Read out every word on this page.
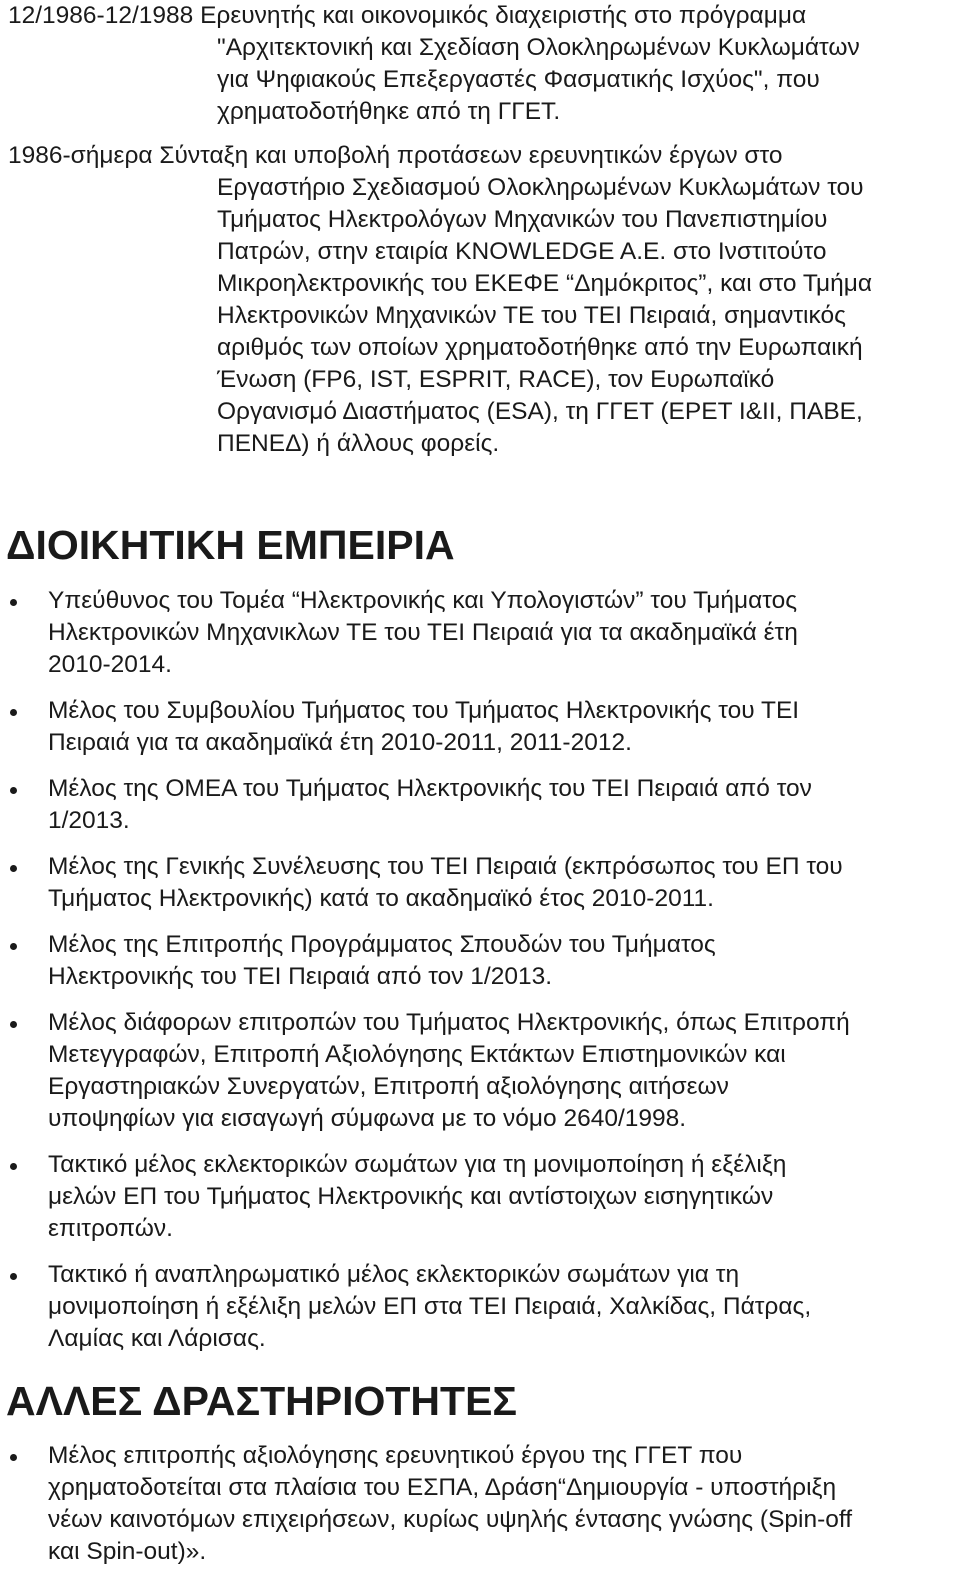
12/1986-12/1988 Ερευνητής και οικονομικός διαχειριστής στο πρόγραμμα
"Αρχιτεκτονική και Σχεδίαση Ολοκληρωμένων Κυκλωμάτων
για Ψηφιακούς Επεξεργαστές Φασματικής Ισχύος", που
χρηματοδοτήθηκε από τη ΓΓΕΤ.
1986-σήμερα Σύνταξη και υποβολή προτάσεων ερευνητικών έργων στο
Εργαστήριο Σχεδιασμού Ολοκληρωμένων Κυκλωμάτων του
Τμήματος Ηλεκτρολόγων Μηχανικών του Πανεπιστημίου
Πατρών, στην εταιρία KNOWLEDGE A.E. στο Ινστιτούτο
Μικροηλεκτρονικής του ΕΚΕΦΕ “Δημόκριτος”, και στο Τμήμα
Ηλεκτρονικών Μηχανικών ΤΕ του ΤΕΙ Πειραιά, σημαντικός
αριθμός των οποίων χρηματοδοτήθηκε από την Ευρωπαική
Ένωση (FP6, IST, ESPRIT, RACE), τον Ευρωπαϊκό
Οργανισμό Διαστήματος (ESA), τη ΓΓΕΤ (ΕΡΕΤ Ι&ΙΙ, ΠΑΒΕ,
ΠΕΝΕΔ) ή άλλους φορείς.
ΔΙΟΙΚΗΤΙΚΗ ΕΜΠΕΙΡΙΑ
Υπεύθυνος του Τομέα “Ηλεκτρονικής και Υπολογιστών” του Τμήματος
Ηλεκτρονικών Μηχανικλων ΤΕ του ΤΕΙ Πειραιά για τα ακαδημαϊκά έτη
2010-2014.
Μέλος του Συμβουλίου Τμήματος του Τμήματος Ηλεκτρονικής του ΤΕΙ
Πειραιά για τα ακαδημαϊκά έτη 2010-2011, 2011-2012.
Μέλος της ΟΜΕΑ του Τμήματος Ηλεκτρονικής του ΤΕΙ Πειραιά από τον
1/2013.
Μέλος της Γενικής Συνέλευσης του ΤΕΙ Πειραιά (εκπρόσωπος του ΕΠ του
Τμήματος Ηλεκτρονικής) κατά το ακαδημαϊκό έτος 2010-2011.
Μέλος της Επιτροπής Προγράμματος Σπουδών του Τμήματος
Ηλεκτρονικής του ΤΕΙ Πειραιά από τον 1/2013.
Μέλος διάφορων επιτροπών του Τμήματος Ηλεκτρονικής, όπως Επιτροπή
Μετεγγραφών, Επιτροπή Αξιολόγησης Εκτάκτων Επιστημονικών και
Εργαστηριακών Συνεργατών, Επιτροπή αξιολόγησης αιτήσεων
υποψηφίων για εισαγωγή σύμφωνα με το νόμο 2640/1998.
Τακτικό μέλος εκλεκτορικών σωμάτων για τη μονιμοποίηση ή εξέλιξη
μελών ΕΠ του Τμήματος Ηλεκτρονικής και αντίστοιχων εισηγητικών
επιτροπών.
Τακτικό ή αναπληρωματικό μέλος εκλεκτορικών σωμάτων για τη
μονιμοποίηση ή εξέλιξη μελών ΕΠ στα ΤΕΙ Πειραιά, Χαλκίδας, Πάτρας,
Λαμίας και Λάρισας.
ΑΛΛΕΣ ΔΡΑΣΤΗΡΙΟΤΗΤΕΣ
Μέλος επιτροπής αξιολόγησης ερευνητικού έργου της ΓΓΕΤ που
χρηματοδοτείται στα πλαίσια του ΕΣΠΑ, Δράση“Δημιουργία - υποστήριξη
νέων καινοτόμων επιχειρήσεων, κυρίως υψηλής έντασης γνώσης (Spin-off
και Spin-out)».
